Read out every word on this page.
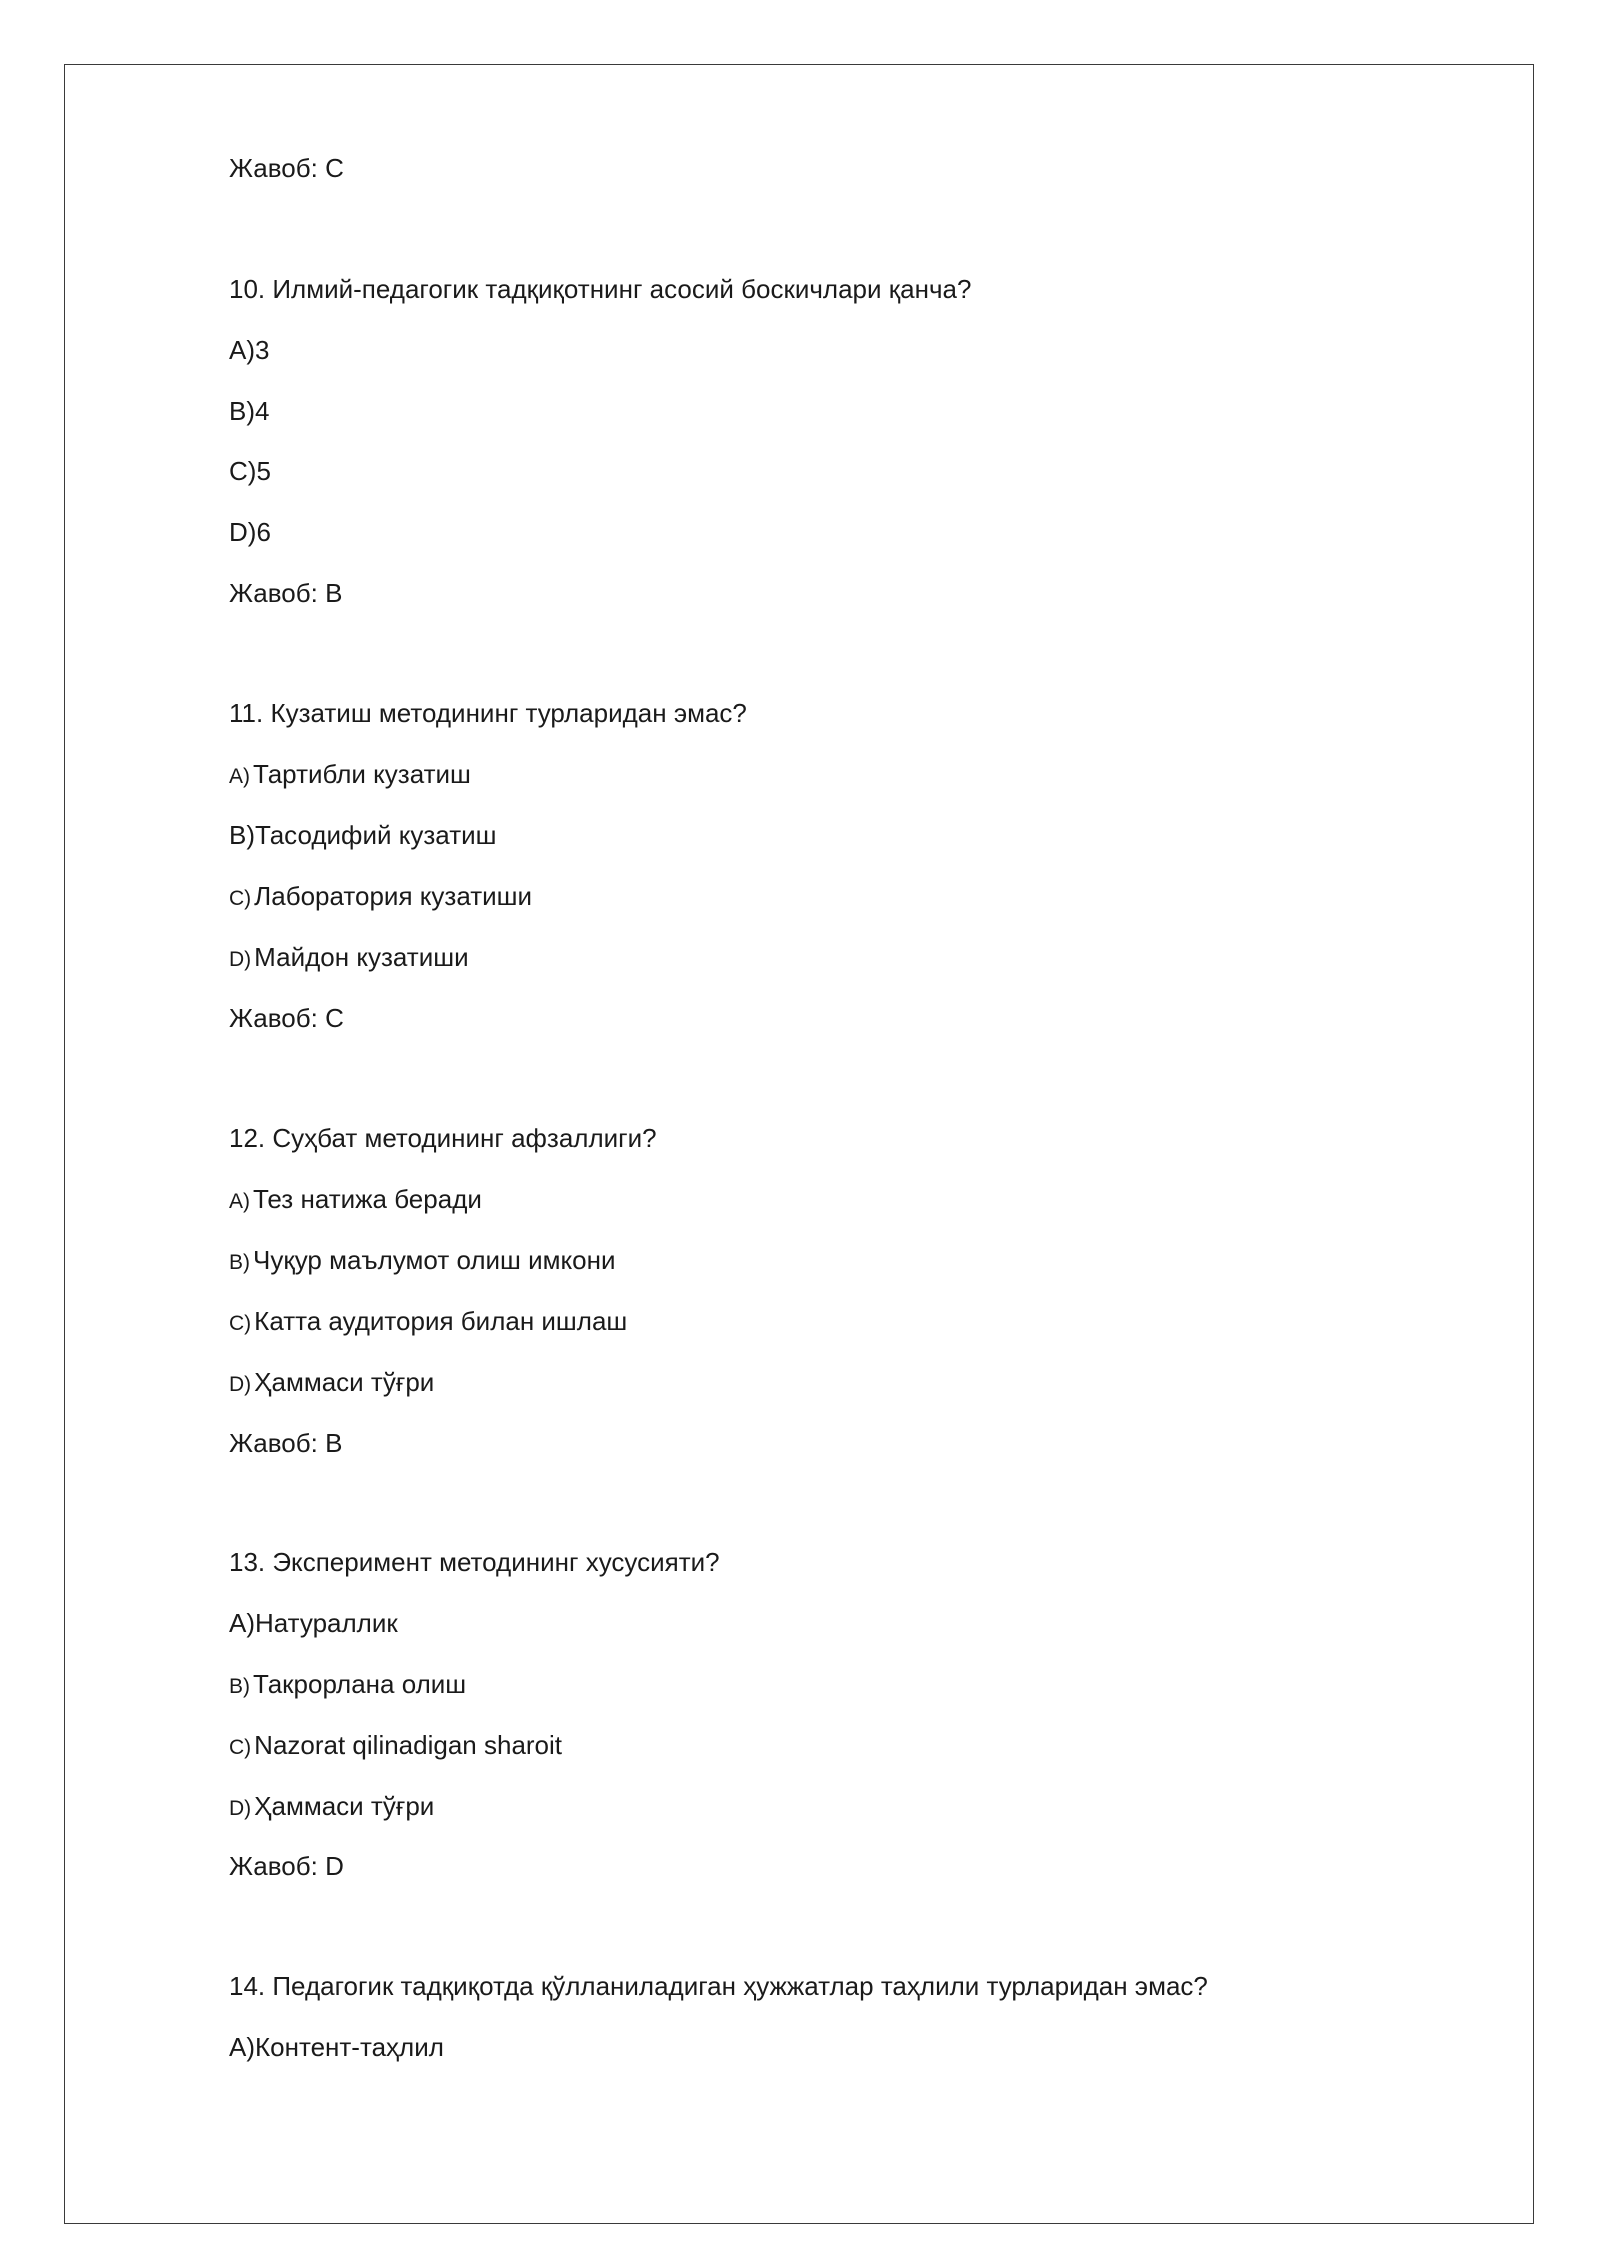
Жавоб: С
10. Илмий-педагогик тадқиқотнинг асосий боскичлари қанча?
А)3
В)4
С)5
D)6
Жавоб: В
11. Кузатиш методининг турларидан эмас?
A) Тартибли кузатиш
В)Тасодифий кузатиш
C) Лаборатория кузатиши
D) Майдон кузатиши
Жавоб: С
12. Суҳбат методининг афзаллиги?
A) Тез натижа беради
B) Чуқур маълумот олиш имкони
C) Катта аудитория билан ишлаш
D) Ҳаммаси тўғри
Жавоб: В
13. Эксперимент методининг хусусияти?
А)Натураллик
B) Такрорлана олиш
C) Nazorat qilinadigan sharoit
D) Ҳаммаси тўғри
Жавоб: D
14. Педагогик тадқиқотда қўлланиладиган ҳужжатлар таҳлили турларидан эмас?
А)Контент-таҳлил
